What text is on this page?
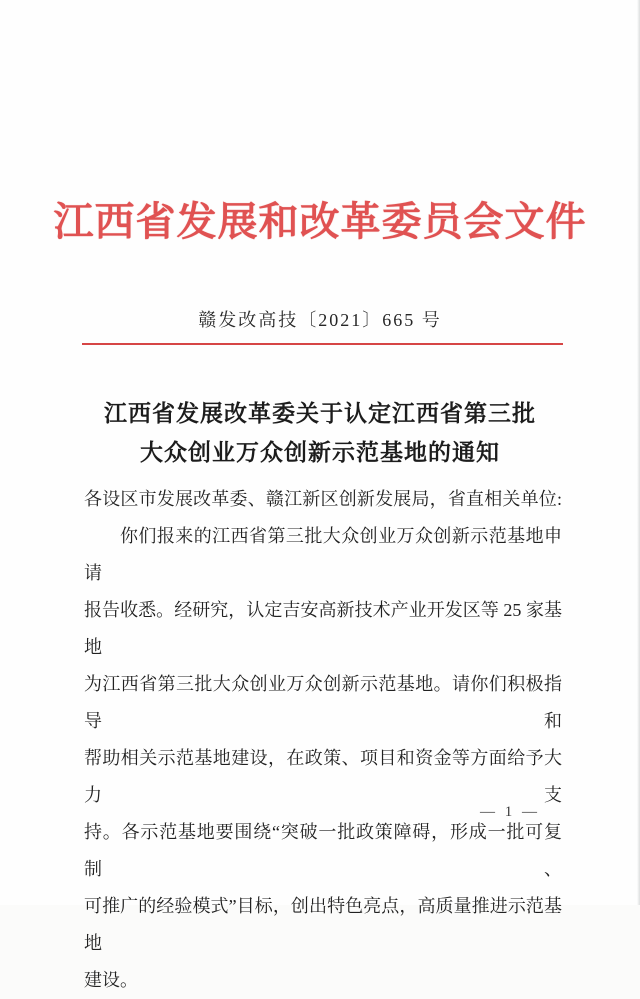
江西省发展和改革委员会文件
赣发改高技〔2021〕665 号
江西省发展改革委关于认定江西省第三批
大众创业万众创新示范基地的通知
各设区市发展改革委、赣江新区创新发展局，省直相关单位:
你们报来的江西省第三批大众创业万众创新示范基地申请
报告收悉。经研究，认定吉安高新技术产业开发区等 25 家基地
为江西省第三批大众创业万众创新示范基地。请你们积极指导和
帮助相关示范基地建设，在政策、项目和资金等方面给予大力支
持。各示范基地要围绕“突破一批政策障碍，形成一批可复制、
可推广的经验模式”目标，创出特色亮点，高质量推进示范基地
建设。
— 1 —
